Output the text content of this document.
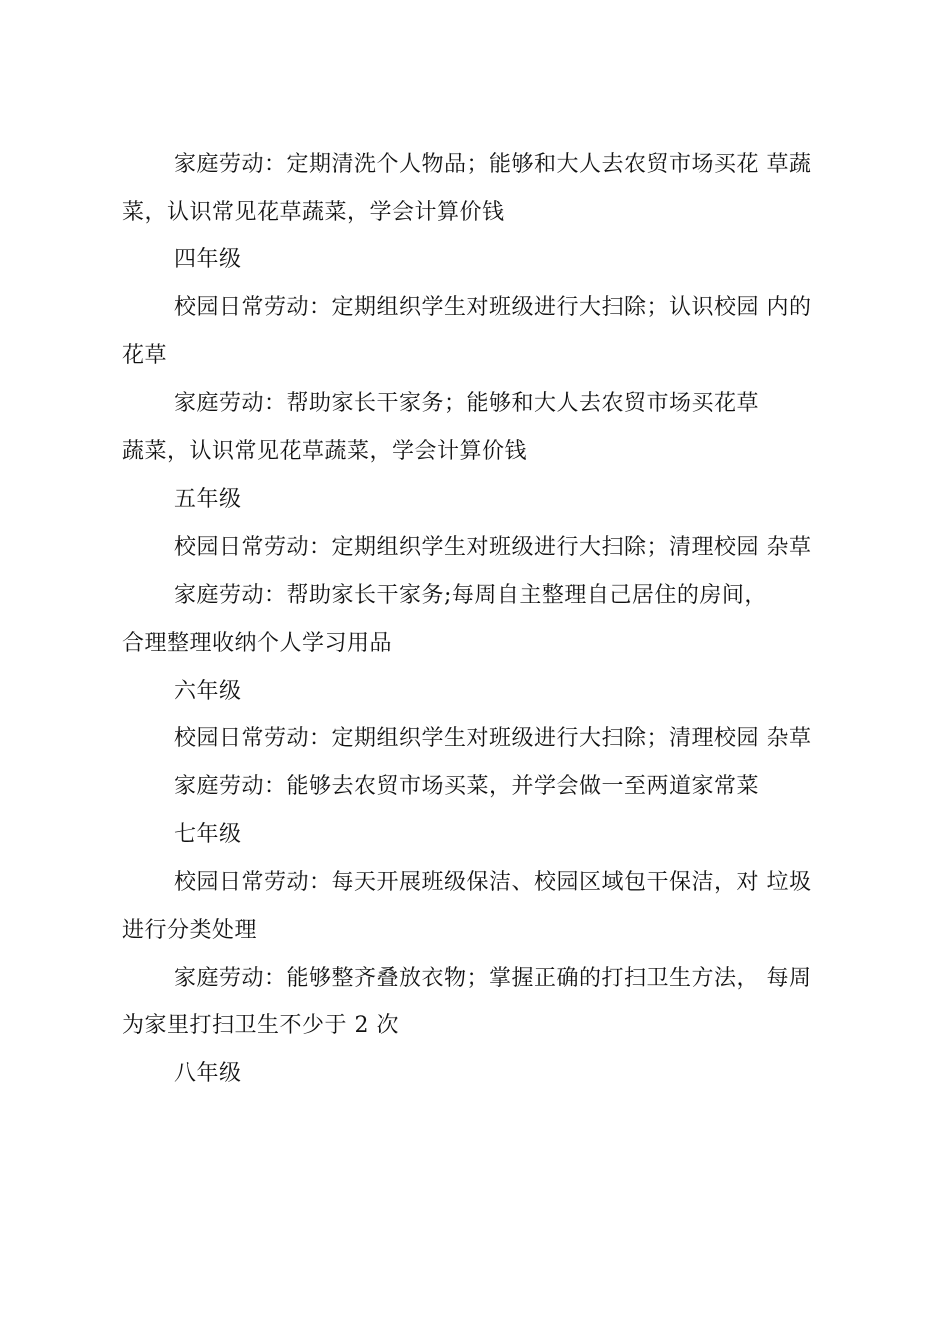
家庭劳动：定期清洗个人物品；能够和大人去农贸市场买花 草蔬
菜，认识常见花草蔬菜，学会计算价钱
四年级
校园日常劳动：定期组织学生对班级进行大扫除；认识校园 内的
花草
家庭劳动：帮助家长干家务；能够和大人去农贸市场买花草
蔬菜，认识常见花草蔬菜，学会计算价钱
五年级
校园日常劳动：定期组织学生对班级进行大扫除；清理校园 杂草
家庭劳动：帮助家长干家务;每周自主整理自己居住的房间，
合理整理收纳个人学习用品
六年级
校园日常劳动：定期组织学生对班级进行大扫除；清理校园 杂草
家庭劳动：能够去农贸市场买菜，并学会做一至两道家常菜
七年级
校园日常劳动：每天开展班级保洁、校园区域包干保洁，对 垃圾
进行分类处理
家庭劳动：能够整齐叠放衣物；掌握正确的打扫卫生方法， 每周
为家里打扫卫生不少于 2 次
八年级
